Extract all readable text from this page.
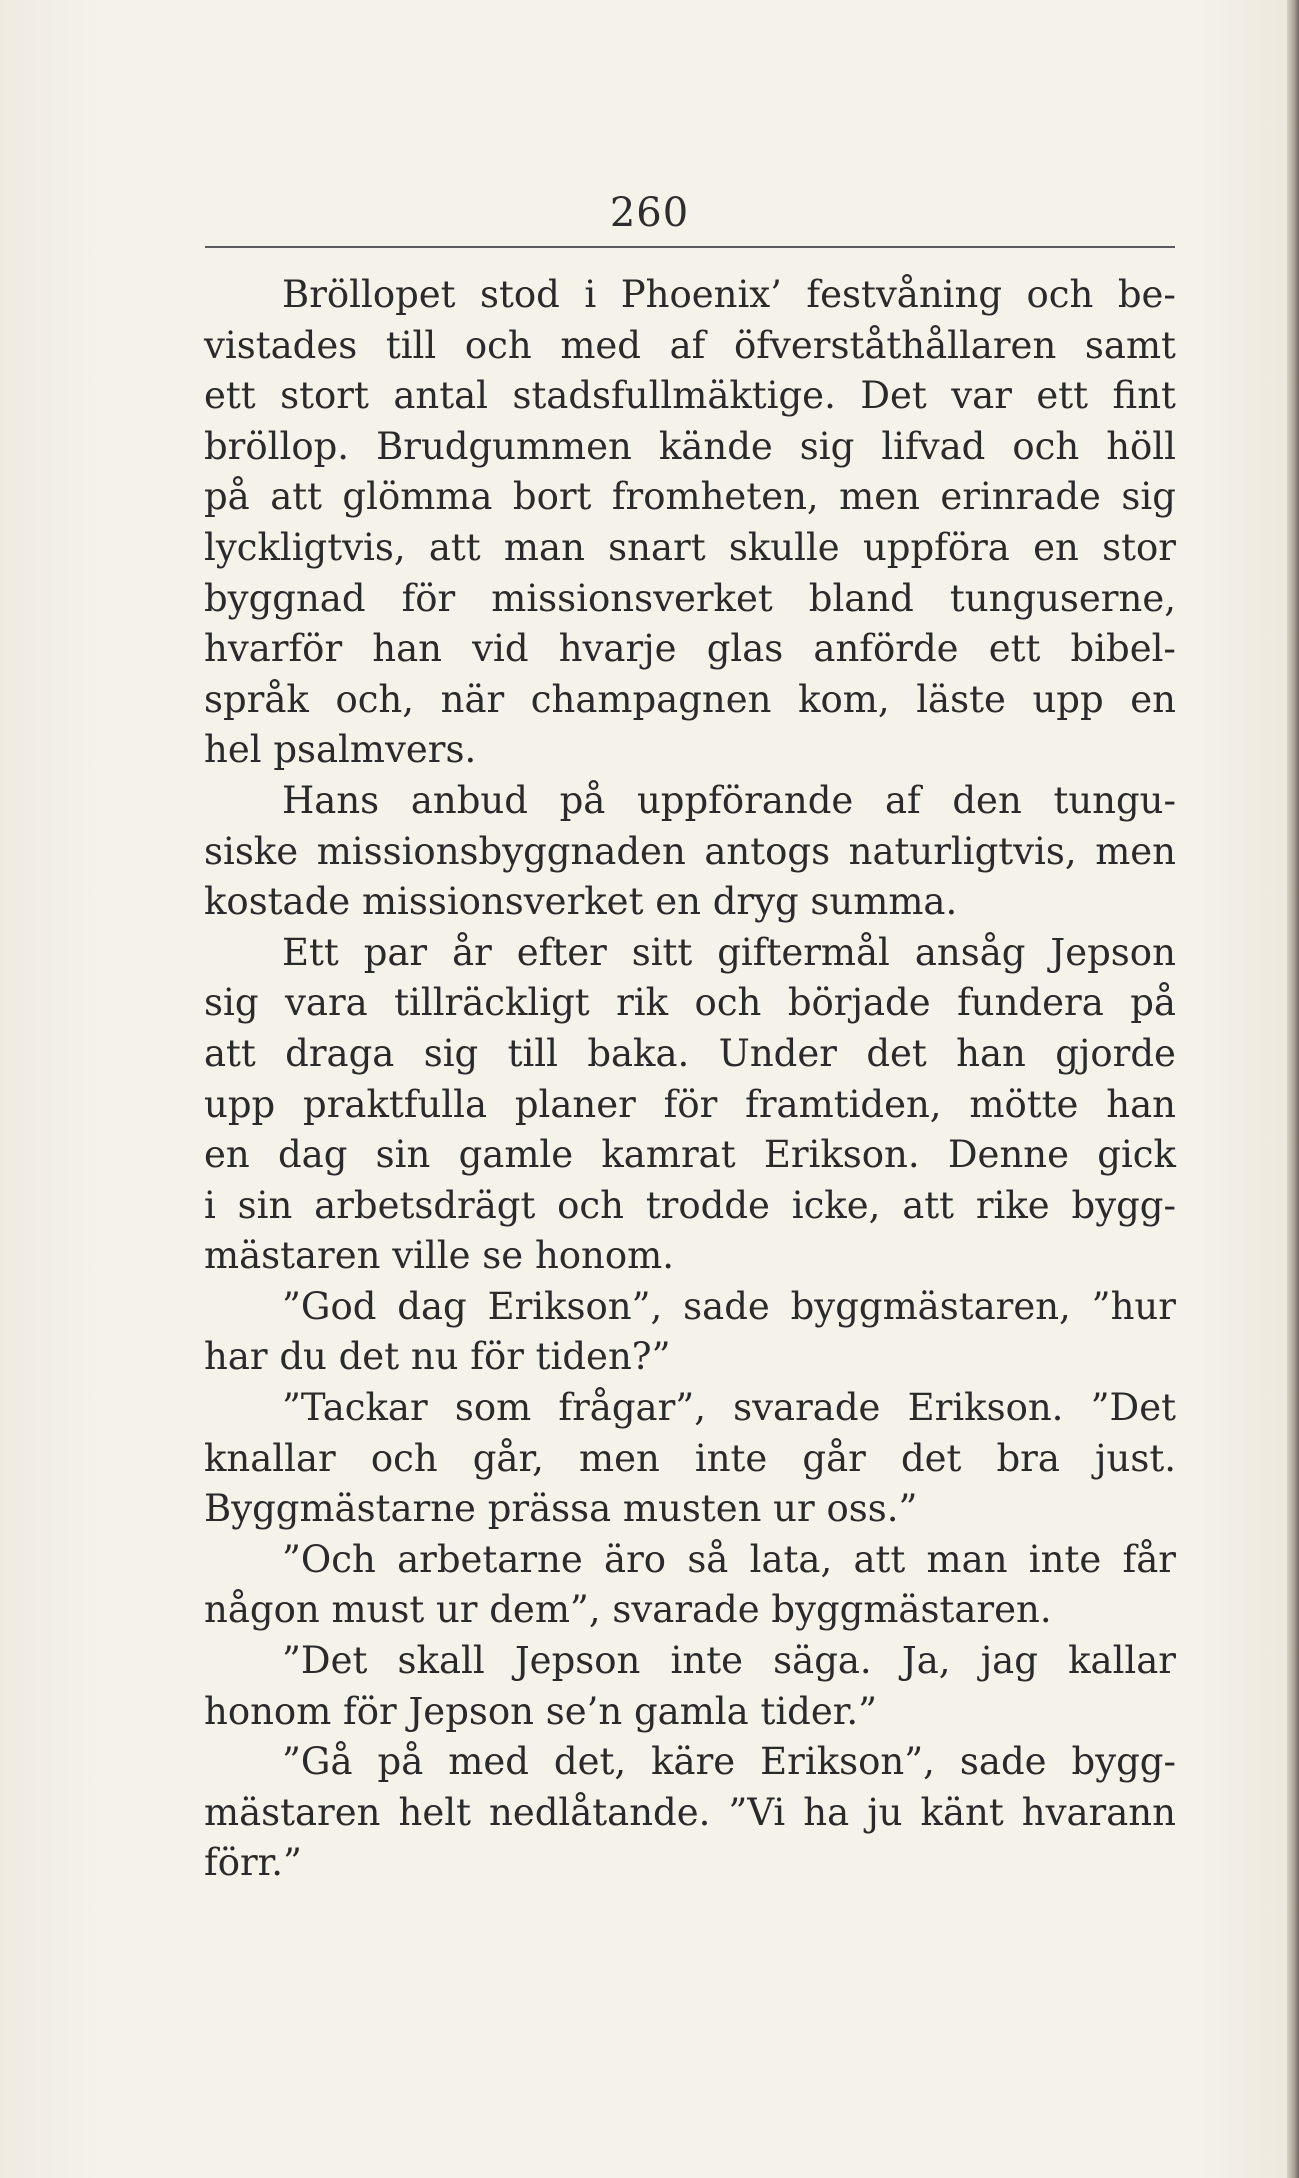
260
Bröllopet stod i Phoenix’ festvåning och be-
vistades till och med af öfverståthållaren samt
ett stort antal stadsfullmäktige. Det var ett fint
bröllop. Brudgummen kände sig lifvad och höll
på att glömma bort fromheten, men erinrade sig
lyckligtvis, att man snart skulle uppföra en stor
byggnad för missionsverket bland tunguserne,
hvarför han vid hvarje glas anförde ett bibel-
språk och, när champagnen kom, läste upp en
hel psalmvers.
Hans anbud på uppförande af den tungu-
siske missionsbyggnaden antogs naturligtvis, men
kostade missionsverket en dryg summa.
Ett par år efter sitt giftermål ansåg Jepson
sig vara tillräckligt rik och började fundera på
att draga sig till baka. Under det han gjorde
upp praktfulla planer för framtiden, mötte han
en dag sin gamle kamrat Erikson. Denne gick
i sin arbetsdrägt och trodde icke, att rike bygg-
mästaren ville se honom.
”God dag Erikson”, sade byggmästaren, ”hur
har du det nu för tiden?”
”Tackar som frågar”, svarade Erikson. ”Det
knallar och går, men inte går det bra just.
Byggmästarne prässa musten ur oss.”
”Och arbetarne äro så lata, att man inte får
någon must ur dem”, svarade byggmästaren.
”Det skall Jepson inte säga. Ja, jag kallar
honom för Jepson se’n gamla tider.”
”Gå på med det, käre Erikson”, sade bygg-
mästaren helt nedlåtande. ”Vi ha ju känt hvarann
förr.”
